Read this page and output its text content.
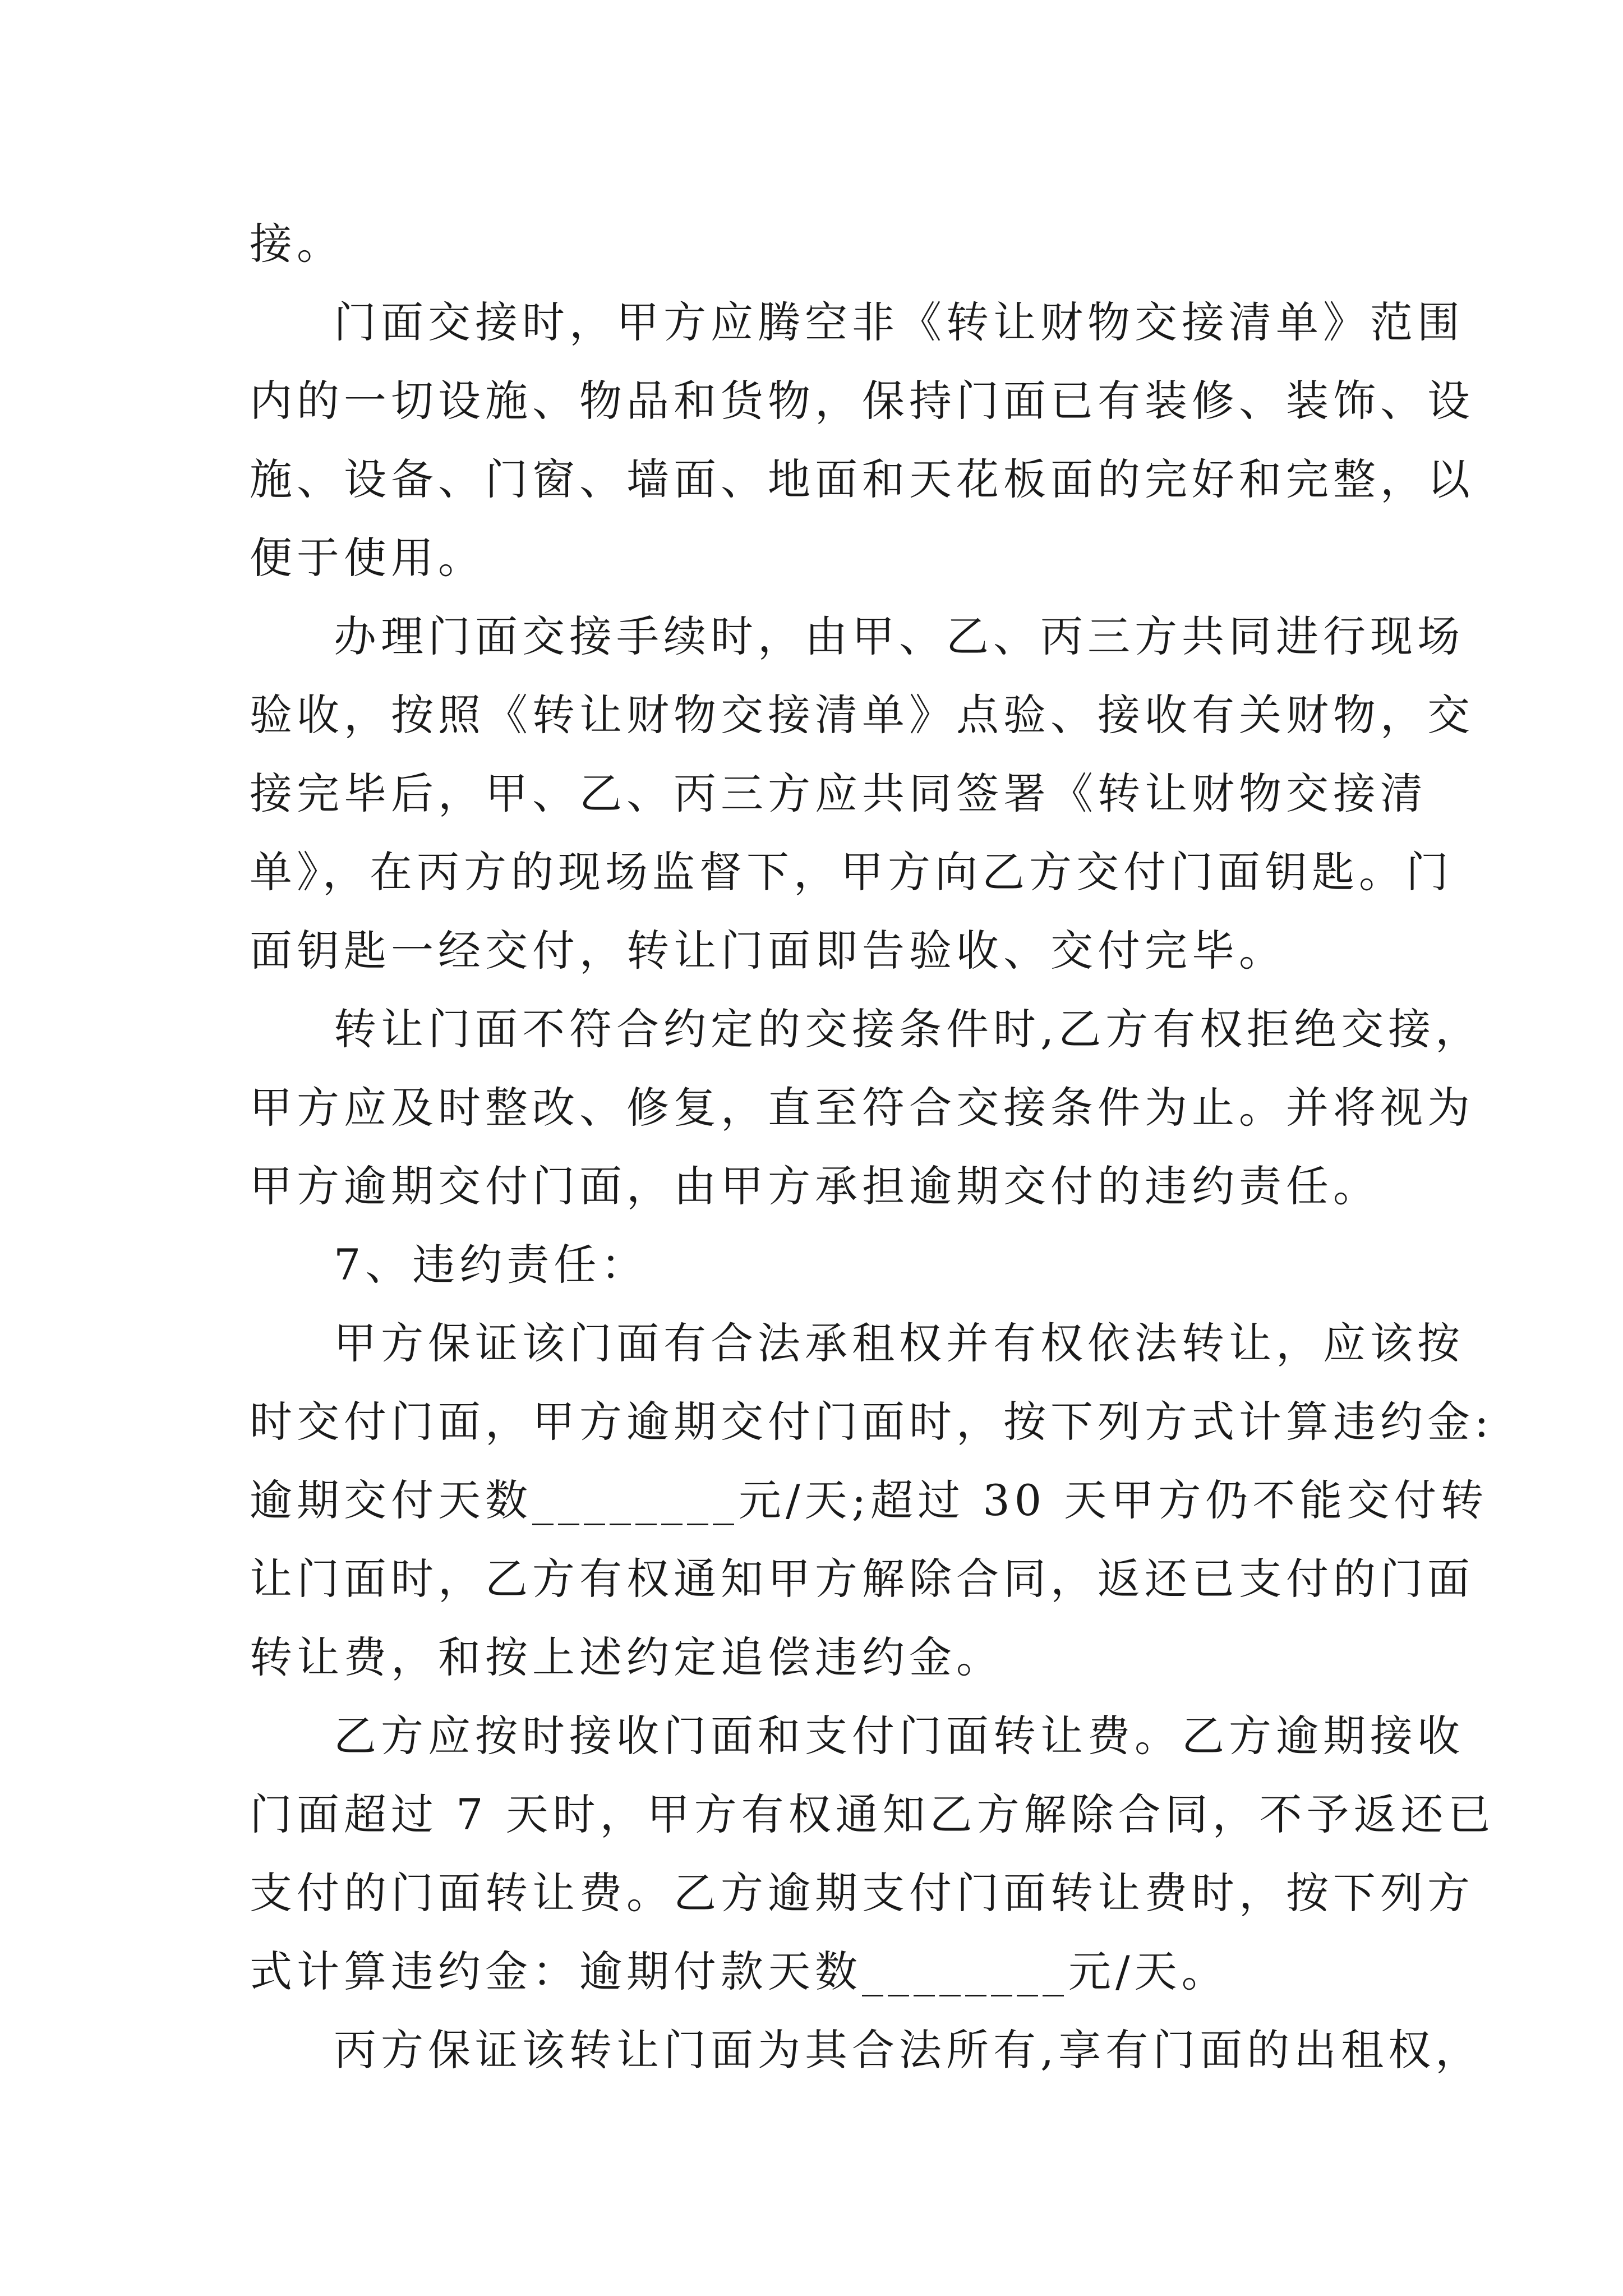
接。
门面交接时，甲方应腾空非《转让财物交接清单》范围
内的一切设施、物品和货物，保持门面已有装修、装饰、设
施、设备、门窗、墙面、地面和天花板面的完好和完整，以
便于使用。
办理门面交接手续时，由甲、乙、丙三方共同进行现场
验收，按照《转让财物交接清单》点验、接收有关财物，交
接完毕后，甲、乙、丙三方应共同签署《转让财物交接清
单》，在丙方的现场监督下，甲方向乙方交付门面钥匙。门
面钥匙一经交付，转让门面即告验收、交付完毕。
转让门面不符合约定的交接条件时,乙方有权拒绝交接，
甲方应及时整改、修复，直至符合交接条件为止。并将视为
甲方逾期交付门面，由甲方承担逾期交付的违约责任。
7、违约责任：
甲方保证该门面有合法承租权并有权依法转让，应该按
时交付门面，甲方逾期交付门面时，按下列方式计算违约金:
逾期交付天数________元/天;超过 30 天甲方仍不能交付转
让门面时，乙方有权通知甲方解除合同，返还已支付的门面
转让费，和按上述约定追偿违约金。
乙方应按时接收门面和支付门面转让费。乙方逾期接收
门面超过 7 天时，甲方有权通知乙方解除合同，不予返还已
支付的门面转让费。乙方逾期支付门面转让费时，按下列方
式计算违约金：逾期付款天数________元/天。
丙方保证该转让门面为其合法所有,享有门面的出租权，
